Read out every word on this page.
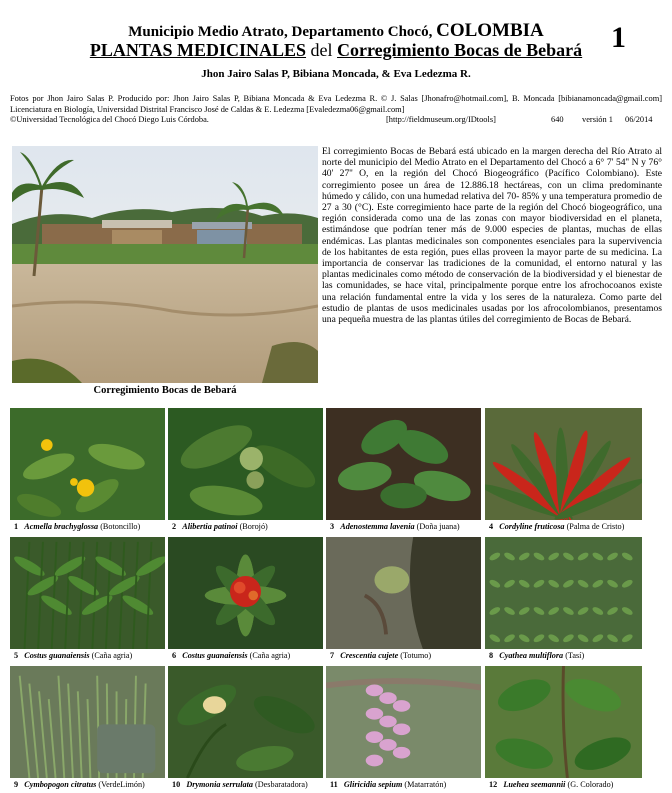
Municipio Medio Atrato, Departamento Chocó, COLOMBIA
PLANTAS MEDICINALES del Corregimiento Bocas de Bebará 1
Jhon Jairo Salas P, Bibiana Moncada, & Eva Ledezma R.
Fotos por Jhon Jairo Salas P. Producido por: Jhon Jairo Salas P, Bibiana Moncada & Eva Ledezma R. © J. Salas [Jhonafro@hotmail.com], B. Moncada [bibianamoncada@gmail.com] Licenciatura en Biología, Universidad Distrital Francisco José de Caldas & E. Ledezma [Evaledezma06@gmail.com]
©Universidad Tecnológica del Chocó Diego Luis Córdoba.	[http://fieldmuseum.org/IDtools]	640 versión 1 06/2014
Corregimiento Bocas de Bebará
El corregimiento Bocas de Bebará está ubicado en la margen derecha del Río Atrato al norte del municipio del Medio Atrato en el Departamento del Chocó a 6° 7' 54'' N y 76° 40' 27'' O, en la región del Chocó Biogeográfico (Pacífico Colombiano). Este corregimiento posee un área de 12.886.18 hectáreas, con un clima predominante húmedo y cálido, con una humedad relativa del 70- 85% y una temperatura promedio de 27 a 30 (°C). Este corregimiento hace parte de la región del Chocó biogeográfico, una región considerada como una de las zonas con mayor biodiversidad en el planeta, estimándose que podrían tener más de 9.000 especies de plantas, muchas de ellas endémicas. Las plantas medicinales son componentes esenciales para la supervivencia de los habitantes de esta región, pues ellas proveen la mayor parte de su medicina. La importancia de conservar las tradiciones de la comunidad, el entorno natural y las plantas medicinales como método de conservación de la biodiversidad y el bienestar de las comunidades, se hace vital, principalmente porque entre los afrochocoanos existe una relación fundamental entre la vida y los seres de la naturaleza. Como parte del estudio de plantas de usos medicinales usadas por los afrocolombianos, presentamos una pequeña muestra de las plantas útiles del corregimiento de Bocas de Bebará.
1 Acmella brachyglossa (Botoncillo)	2 Alibertia patinoi (Borojó)	3 Adenostemma lavenia (Doña juana)	4 Cordyline fruticosa (Palma de Cristo)
5 Costus guanaiensis (Caña agria)	6 Costus guanaiensis (Caña agria)	7 Crescentia cujete (Totumo)	8 Cyathea multiflora (Tasí)
9 Cymbopogon citratus (VerdeLimón)	10 Drymonia serrulata (Desbaratadora)	11 Gliricidia sepium (Matarratón)	12 Luehea seemannii (G. Colorado)
